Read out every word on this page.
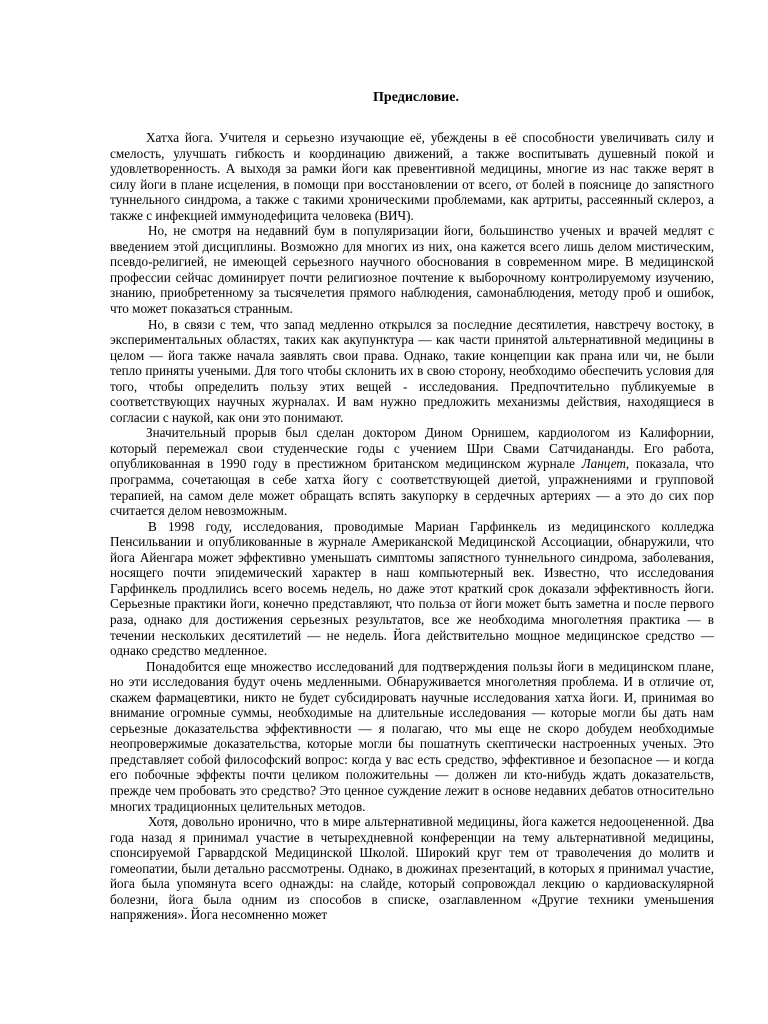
Предисловие.

Хатха йога. Учителя и серьезно изучающие её, убеждены в её способности увеличивать силу и смелость, улучшать гибкость и координацию движений, а также воспитывать душевный покой и удовлетворенность. А выходя за рамки йоги как превентивной медицины, многие из нас также верят в силу йоги в плане исцеления, в помощи при восстановлении от всего, от болей в пояснице до запястного туннельного синдрома, а также с такими хроническими проблемами, как артриты, рассеянный склероз, а также с инфекцией иммунодефицита человека (ВИЧ).

Но, не смотря на недавний бум в популяризации йоги, большинство ученых и врачей медлят с введением этой дисциплины. Возможно для многих из них, она кажется всего лишь делом мистическим, псевдо-религией, не имеющей серьезного научного обоснования в современном мире. В медицинской профессии сейчас доминирует почти религиозное почтение к выборочному контролируемому изучению, знанию, приобретенному за тысячелетия прямого наблюдения, самонаблюдения, методу проб и ошибок, что может показаться странным.

Но, в связи с тем, что запад медленно открылся за последние десятилетия, навстречу востоку, в экспериментальных областях, таких как акупунктура — как части принятой альтернативной медицины в целом — йога также начала заявлять свои права. Однако, такие концепции как прана или чи, не были тепло приняты учеными. Для того чтобы склонить их в свою сторону, необходимо обеспечить условия для того, чтобы определить пользу этих вещей - исследования. Предпочтительно публикуемые в соответствующих научных журналах. И вам нужно предложить механизмы действия, находящиеся в согласии с наукой, как они это понимают.

Значительный прорыв был сделан доктором Дином Орнишем, кардиологом из Калифорнии, который перемежал свои студенческие годы с учением Шри Свами Сатчидананды. Его работа, опубликованная в 1990 году в престижном британском медицинском журнале Ланцет, показала, что программа, сочетающая в себе хатха йогу с соответствующей диетой, упражнениями и групповой терапией, на самом деле может обращать вспять закупорку в сердечных артериях — а это до сих пор считается делом невозможным.

В 1998 году, исследования, проводимые Мариан Гарфинкель из медицинского колледжа Пенсильвании и опубликованные в журнале Американской Медицинской Ассоциации, обнаружили, что йога Айенгара может эффективно уменьшать симптомы запястного туннельного синдрома, заболевания, носящего почти эпидемический характер в наш компьютерный век. Известно, что исследования Гарфинкель продлились всего восемь недель, но даже этот краткий срок доказали эффективность йоги. Серьезные практики йоги, конечно представляют, что польза от йоги может быть заметна и после первого раза, однако для достижения серьезных результатов, все же необходима многолетняя практика — в течении нескольких десятилетий — не недель. Йога действительно мощное медицинское средство — однако средство медленное.

Понадобится еще множество исследований для подтверждения пользы йоги в медицинском плане, но эти исследования будут очень медленными. Обнаруживается многолетняя проблема. И в отличие от, скажем фармацевтики, никто не будет субсидировать научные исследования хатха йоги. И, принимая во внимание огромные суммы, необходимые на длительные исследования — которые могли бы дать нам серьезные доказательства эффективности — я полагаю, что мы еще не скоро добудем необходимые неопровержимые доказательства, которые могли бы пошатнуть скептически настроенных ученых. Это представляет собой философский вопрос: когда у вас есть средство, эффективное и безопасное — и когда его побочные эффекты почти целиком положительны — должен ли кто-нибудь ждать доказательств, прежде чем пробовать это средство? Это ценное суждение лежит в основе недавних дебатов относительно многих традиционных целительных методов.

Хотя, довольно иронично, что в мире альтернативной медицины, йога кажется недооцененной. Два года назад я принимал участие в четырехдневной конференции на тему альтернативной медицины, спонсируемой Гарвардской Медицинской Школой. Широкий круг тем от траволечения до молитв и гомеопатии, были детально рассмотрены. Однако, в дюжинах презентаций, в которых я принимал участие, йога была упомянута всего однажды: на слайде, который сопровождал лекцию о кардиоваскулярной болезни, йога была одним из способов в списке, озаглавленном «Другие техники уменьшения напряжения». Йога несомненно может
